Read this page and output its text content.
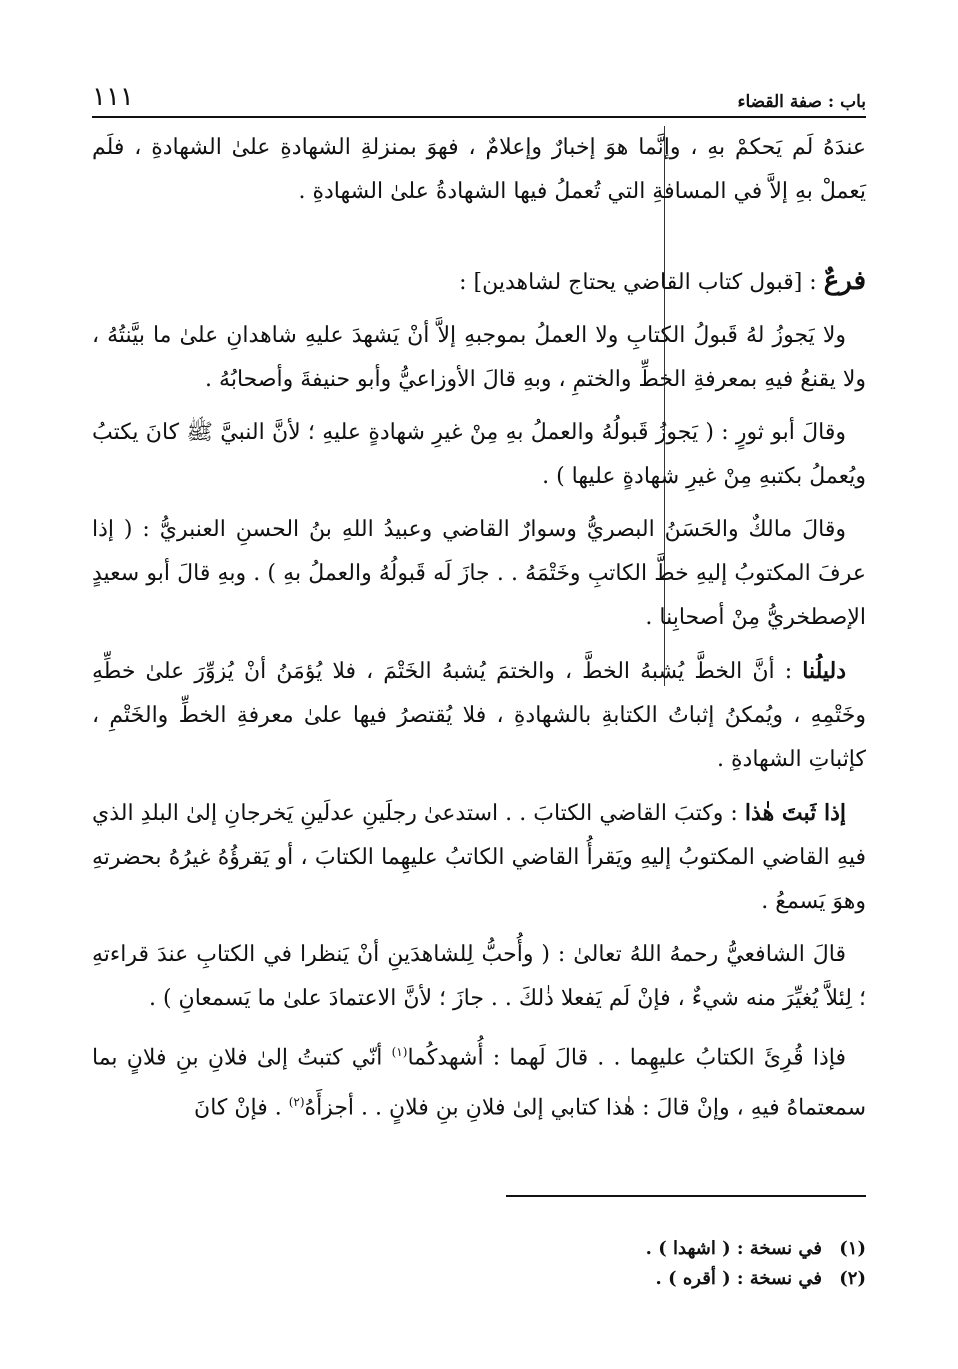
باب : صفة القضاء
١١١

عندَهُ لَم يَحكمْ بهِ ، وإنَّما هوَ إخبارٌ وإعلامٌ ، فهوَ بمنزلةِ الشهادةِ علىٰ الشهادةِ ، فلَم يَعملْ بهِ إلاَّ في المسافةِ التي تُعملُ فيها الشهادةُ علىٰ الشهادةِ .

فرعٌ : [قبول كتاب القاضي يحتاج لشاهدين] :

ولا يَجوزُ لهُ قَبولُ الكتابِ ولا العملُ بموجبهِ إلاَّ أنْ يَشهدَ عليهِ شاهدانِ علىٰ ما بيَّنتُهُ ، ولا يقنعُ فيهِ بمعرفةِ الخطِّ والختمِ ، وبهِ قالَ الأوزاعيُّ وأبو حنيفةَ وأصحابُهُ .

وقالَ أبو ثورٍ : ( يَجوزُ قَبولُهُ والعملُ بهِ مِنْ غيرِ شهادةٍ عليهِ ؛ لأنَّ النبيَّ ﷺ كانَ يكتبُ ويُعملُ بكتبهِ مِنْ غيرِ شهادةٍ عليها ) .

وقالَ مالكٌ والحَسَنُ البصريُّ وسوارٌ القاضي وعبيدُ اللهِ بنُ الحسنِ العنبريُّ : ( إذا عرفَ المكتوبُ إليهِ خطَّ الكاتبِ وخَتْمَهُ . . جازَ لَه قَبولُهُ والعملُ بهِ ) . وبهِ قالَ أبو سعيدٍ الإصطخريُّ مِنْ أصحابِنا .

دليلُنا : أنَّ الخطَّ يُشبهُ الخطَّ ، والختمَ يُشبهُ الخَتْمَ ، فلا يُؤمَنُ أنْ يُزوِّرَ علىٰ خطِّهِ وخَتْمِهِ ، ويُمكنُ إثباتُ الكتابةِ بالشهادةِ ، فلا يُقتصرُ فيها علىٰ معرفةِ الخطِّ والخَتْمِ ، كإثباتِ الشهادةِ .

إذا ثَبتَ هٰذا : وكتبَ القاضي الكتابَ . . استدعىٰ رجلَينِ عدلَينِ يَخرجانِ إلىٰ البلدِ الذي فيهِ القاضي المكتوبُ إليهِ ويَقرأُ القاضي الكاتبُ عليهِما الكتابَ ، أو يَقرؤُهُ غيرُهُ بحضرتهِ وهوَ يَسمعُ .

قالَ الشافعيُّ رحمهُ اللهُ تعالىٰ : ( وأُحبُّ لِلشاهدَينِ أنْ يَنظرا في الكتابِ عندَ قراءتهِ ؛ لِئلاَّ يُغيِّرَ منه شيءٌ ، فإنْ لَم يَفعلا ذٰلكَ . . جازَ ؛ لأنَّ الاعتمادَ علىٰ ما يَسمعانِ ) .

فإذا قُرِئَ الكتابُ عليهِما . . قالَ لَهما : أُشهدكُما$^{(١)}$ أنّي كتبتُ إلىٰ فلانِ بنِ فلانٍ بما سمعتماهُ فيهِ ، وإنْ قالَ : هٰذا كتابي إلىٰ فلانِ بنِ فلانٍ . . أجزأَهُ$^{(٢)}$ . فإنْ كانَ

(١)في نسخة : ( اشهدا ) .

(٢)في نسخة : ( أقره ) .
